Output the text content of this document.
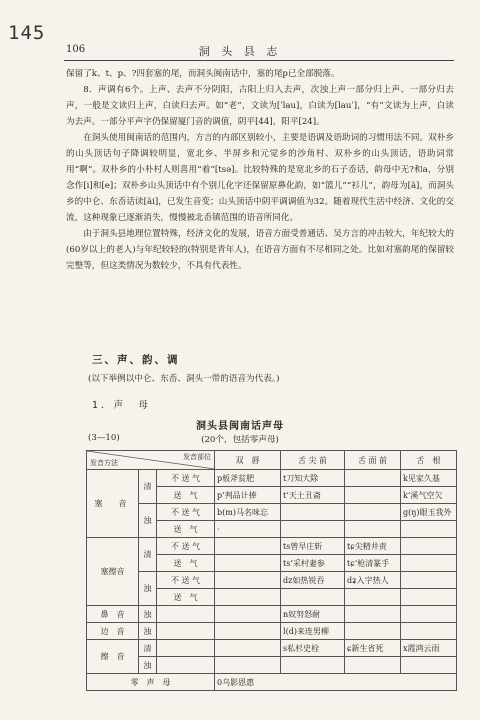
145
106	洞 头 县 志

保留了k、t、p、?四套塞的尾，而洞头闽南话中，塞的尾p已全部脱落。

8．声调有6个。上声、去声不分阴阳，古阳上归入去声，次浊上声一部分归上声、一部分归去声，一般是文读归上声，白读归去声。如“老”，文读为[ˈlau]，白读为[lauˈ]，“有”文读为上声，白读为去声。一部分平声字仍保留厦门音的调值，阴平[44]，阳平[24]。

在洞头使用闽南话的范围内，方言的内部区别较小，主要是语调及语助词的习惯用法不同。双朴乡的山头顶话句子降调较明显，宽北乡、半屏乡和元觉乡的沙角村、双朴乡的山头顶话，语助词常用“啊”。双朴乡的小朴村人则喜用“着”[tsə]。比较特殊的是宽北乡的石子岙话，韵母中无?和a，分别念作[i]和[e]；双朴乡山头顶话中有个别儿化字还保留原鼻化韵，如“篮儿”“衫儿”，韵母为[ã]，而洞头乡的中仑、东岙话读[ãi]，已发生音变；山头顶话中阴平调调值为32。随着现代生活中经济、文化的交流，这种现象已逐渐消失，慢慢被北岙镇范围的语音所同化。

由于洞头县地理位置特殊，经济文化的发展，语音方面受普通话、吴方言的冲击较大，年纪较大的(60岁以上的老人)与年纪较轻的(特别是青年人)，在语音方面有不尽相同之处。比如对塞韵尾的保留较完整等，但这类情况为数较少，不具有代表性。

三、声、韵、调
(以下举例以中仑、东岙、洞头一带的语音为代表。)
1．声　母
洞头县闽南话声母
(3—10)	(20个，包括零声母)
发音部位
发音方法			双　唇	舌 尖 前	舌 面 前	舌　根
塞　音	清	不 送 气	p板斧贫肥	t刀知大除		k见家久基
		送　气	pʻ判品计捧	tʻ天土丑斋		kʻ溪气空欠
	浊	不 送 气	b(m)马名味忘			g(ŋ)眼玉我外
		送　气	·			
塞擦音	清	不 送 气		ts曾早庄斩	tɕ尖精井责	
		送　气		tsʻ采村妻参	tɕʻ枪清篆手	
	浊	不 送 气		dz如热锐吞	dʑ入字热人	
		送　气				
鼻　音	浊			n奴努怒耐		
边　音	浊			l(d)来连男柳		
擦　音	清			s私杉史栓	ɕ新生省死	x霞鸿云雨
	浊					
零　声　母			0乌影恩惠			
